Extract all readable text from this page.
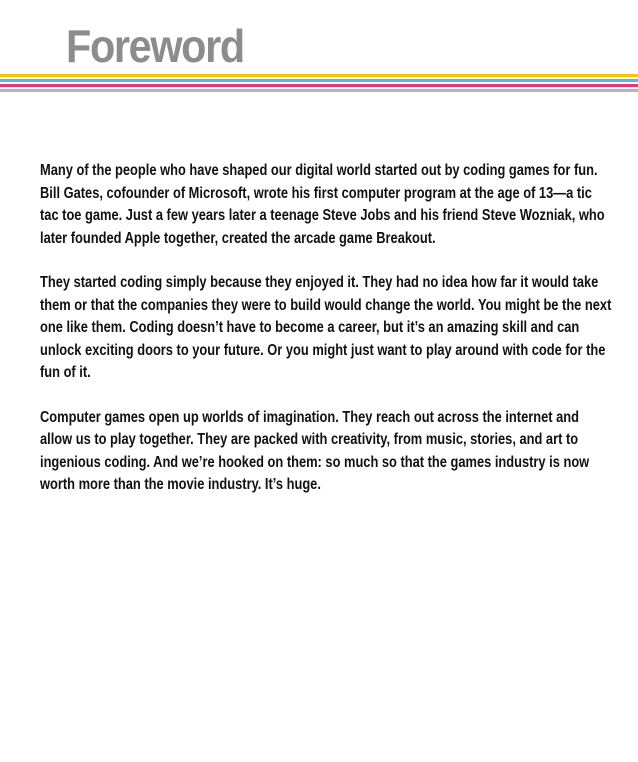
Foreword

Many of the people who have shaped our digital world started out by coding games for fun. Bill Gates, cofounder of Microsoft, wrote his first computer program at the age of 13—a tic tac toe game. Just a few years later a teenage Steve Jobs and his friend Steve Wozniak, who later founded Apple together, created the arcade game Breakout.

They started coding simply because they enjoyed it. They had no idea how far it would take them or that the companies they were to build would change the world. You might be the next one like them. Coding doesn’t have to become a career, but it’s an amazing skill and can unlock exciting doors to your future. Or you might just want to play around with code for the fun of it.

Computer games open up worlds of imagination. They reach out across the internet and allow us to play together. They are packed with creativity, from music, stories, and art to ingenious coding. And we’re hooked on them: so much so that the games industry is now worth more than the movie industry. It’s huge.
